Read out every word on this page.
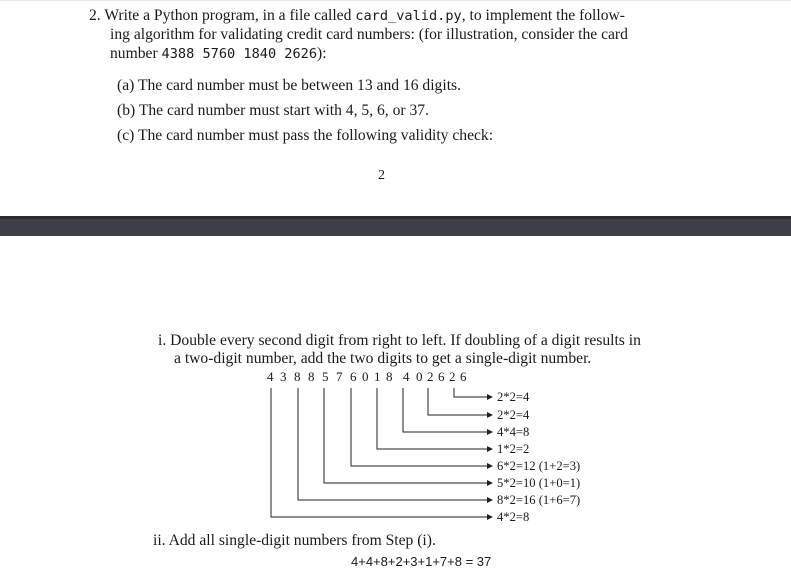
2. Write a Python program, in a file called card_valid.py, to implement the follow-
ing algorithm for validating credit card numbers: (for illustration, consider the card
number 4388 5760 1840 2626):
(a) The card number must be between 13 and 16 digits.
(b) The card number must start with 4, 5, 6, or 37.
(c) The card number must pass the following validity check:
2
i. Double every second digit from right to left. If doubling of a digit results in
a two-digit number, add the two digits to get a single-digit number.
4 3 8 8 5 7 6 0 1 8 4 0 2 6 2 6
2*2=4
2*2=4
4*4=8
1*2=2
6*2=12 (1+2=3)
5*2=10 (1+0=1)
8*2=16 (1+6=7)
4*2=8
ii. Add all single-digit numbers from Step (i).
4+4+8+2+3+1+7+8 = 37
